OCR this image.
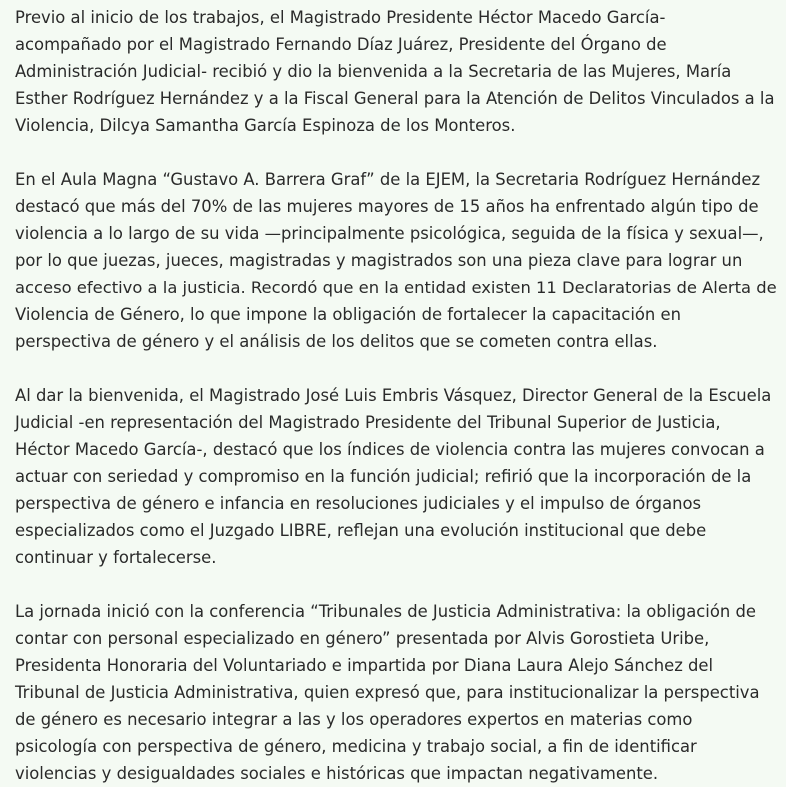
Previo al inicio de los trabajos, el Magistrado Presidente Héctor Macedo García-
acompañado por el Magistrado Fernando Díaz Juárez, Presidente del Órgano de
Administración Judicial- recibió y dio la bienvenida a la Secretaria de las Mujeres, María
Esther Rodríguez Hernández y a la Fiscal General para la Atención de Delitos Vinculados a la
Violencia, Dilcya Samantha García Espinoza de los Monteros.
En el Aula Magna “Gustavo A. Barrera Graf” de la EJEM, la Secretaria Rodríguez Hernández
destacó que más del 70% de las mujeres mayores de 15 años ha enfrentado algún tipo de
violencia a lo largo de su vida —principalmente psicológica, seguida de la física y sexual—,
por lo que juezas, jueces, magistradas y magistrados son una pieza clave para lograr un
acceso efectivo a la justicia. Recordó que en la entidad existen 11 Declaratorias de Alerta de
Violencia de Género, lo que impone la obligación de fortalecer la capacitación en
perspectiva de género y el análisis de los delitos que se cometen contra ellas.
Al dar la bienvenida, el Magistrado José Luis Embris Vásquez, Director General de la Escuela
Judicial -en representación del Magistrado Presidente del Tribunal Superior de Justicia,
Héctor Macedo García-, destacó que los índices de violencia contra las mujeres convocan a
actuar con seriedad y compromiso en la función judicial; refirió que la incorporación de la
perspectiva de género e infancia en resoluciones judiciales y el impulso de órganos
especializados como el Juzgado LIBRE, reflejan una evolución institucional que debe
continuar y fortalecerse.
La jornada inició con la conferencia “Tribunales de Justicia Administrativa: la obligación de
contar con personal especializado en género” presentada por Alvis Gorostieta Uribe,
Presidenta Honoraria del Voluntariado e impartida por Diana Laura Alejo Sánchez del
Tribunal de Justicia Administrativa, quien expresó que, para institucionalizar la perspectiva
de género es necesario integrar a las y los operadores expertos en materias como
psicología con perspectiva de género, medicina y trabajo social, a fin de identificar
violencias y desigualdades sociales e históricas que impactan negativamente.
